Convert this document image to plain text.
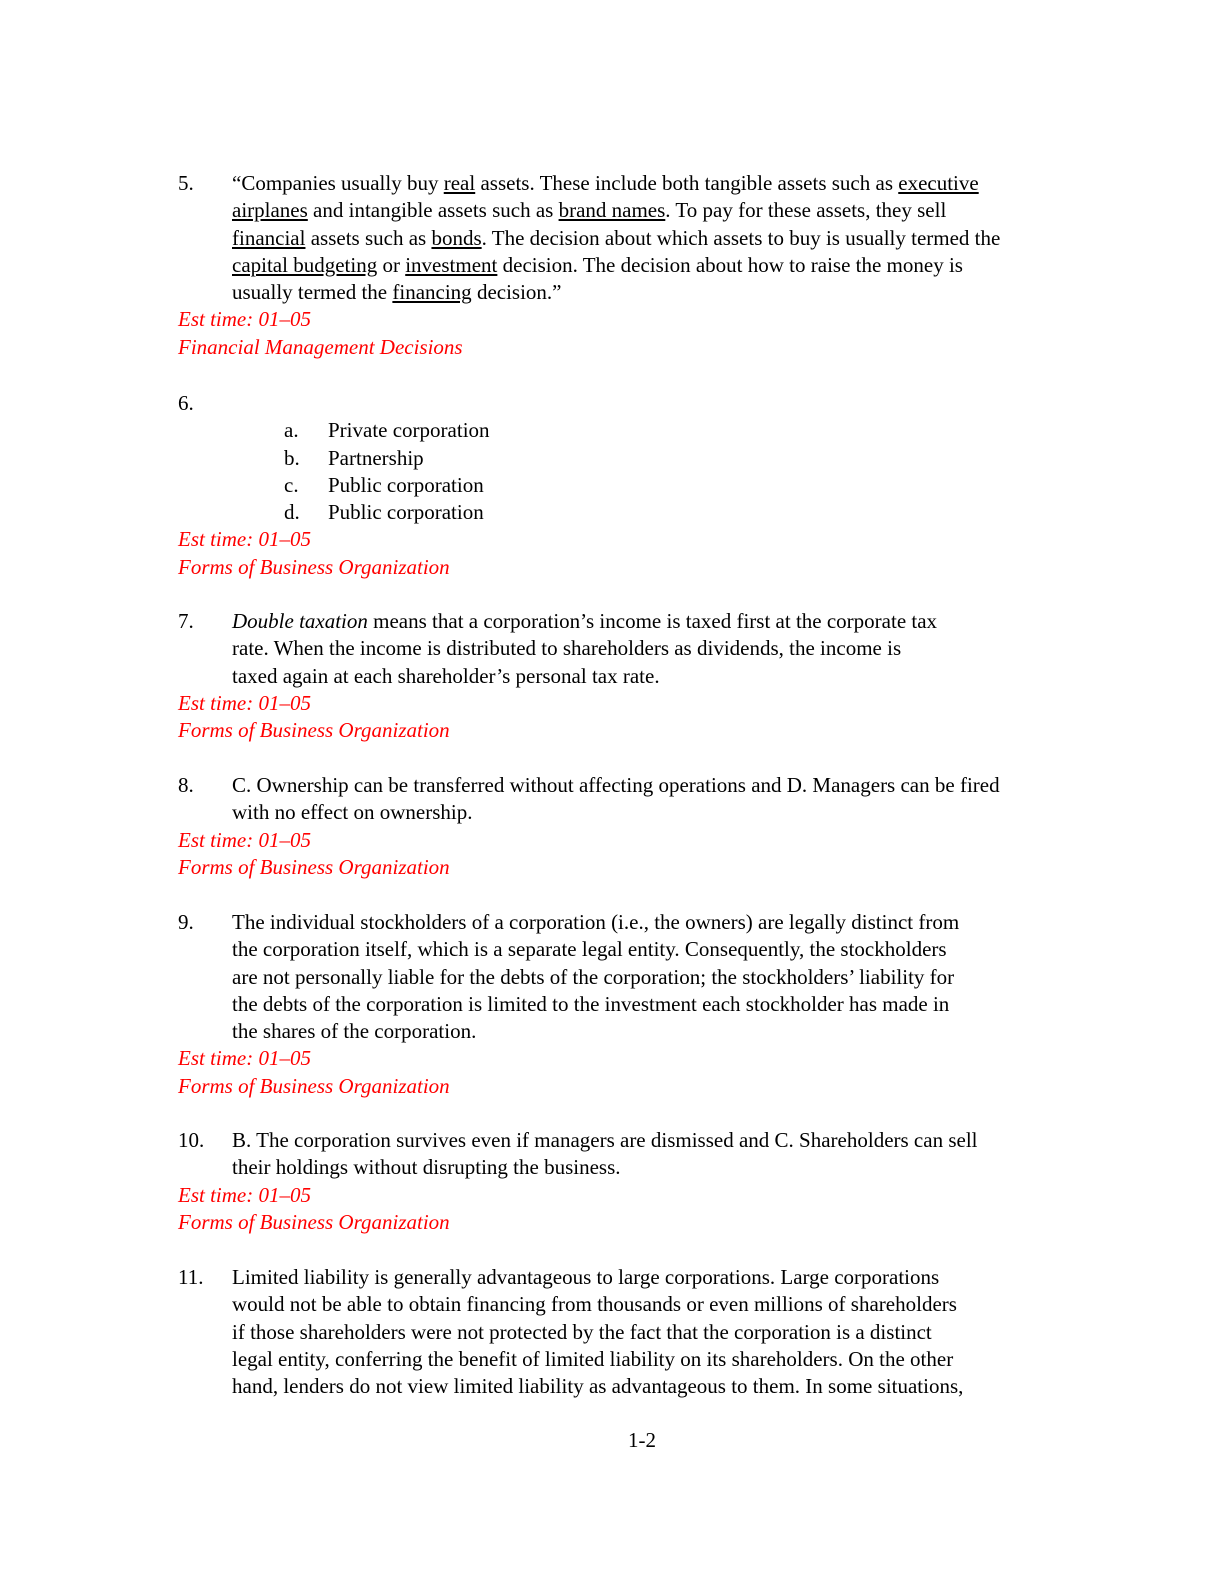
5. “Companies usually buy real assets. These include both tangible assets such as executive
airplanes and intangible assets such as brand names. To pay for these assets, they sell
financial assets such as bonds. The decision about which assets to buy is usually termed the
capital budgeting or investment decision. The decision about how to raise the money is
usually termed the financing decision.”
Est time: 01–05
Financial Management Decisions
6.
a. Private corporation
b. Partnership
c. Public corporation
d. Public corporation
Est time: 01–05
Forms of Business Organization
7. Double taxation means that a corporation’s income is taxed first at the corporate tax
rate. When the income is distributed to shareholders as dividends, the income is
taxed again at each shareholder’s personal tax rate.
Est time: 01–05
Forms of Business Organization
8. C. Ownership can be transferred without affecting operations and D. Managers can be fired
with no effect on ownership.
Est time: 01–05
Forms of Business Organization
9. The individual stockholders of a corporation (i.e., the owners) are legally distinct from
the corporation itself, which is a separate legal entity. Consequently, the stockholders
are not personally liable for the debts of the corporation; the stockholders’ liability for
the debts of the corporation is limited to the investment each stockholder has made in
the shares of the corporation.
Est time: 01–05
Forms of Business Organization
10. B. The corporation survives even if managers are dismissed and C. Shareholders can sell
their holdings without disrupting the business.
Est time: 01–05
Forms of Business Organization
11. Limited liability is generally advantageous to large corporations. Large corporations
would not be able to obtain financing from thousands or even millions of shareholders
if those shareholders were not protected by the fact that the corporation is a distinct
legal entity, conferring the benefit of limited liability on its shareholders. On the other
hand, lenders do not view limited liability as advantageous to them. In some situations,
1-2
